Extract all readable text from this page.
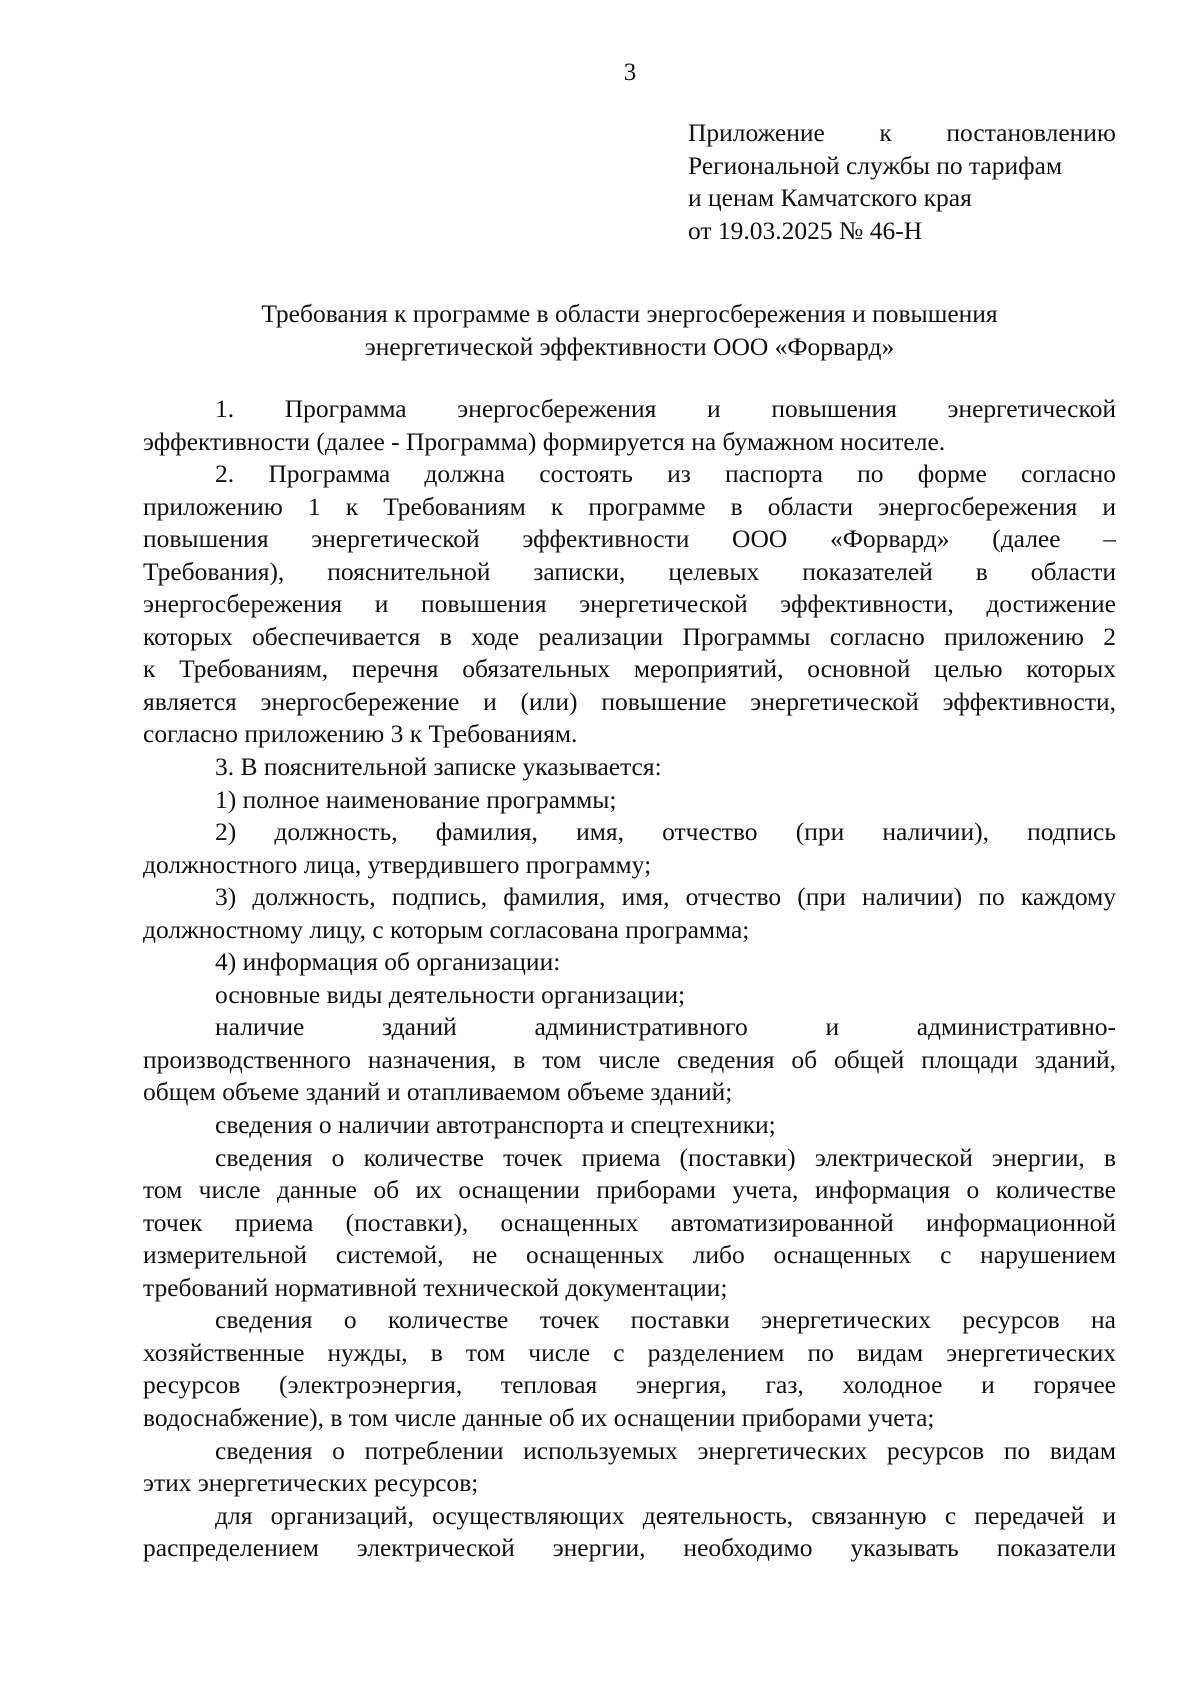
3
Приложение к постановлению
Региональной службы по тарифам
и ценам Камчатского края
от 19.03.2025 № 46-Н
Требования к программе в области энергосбережения и повышения
энергетической эффективности ООО «Форвард»
1. Программа энергосбережения и повышения энергетической
эффективности (далее - Программа) формируется на бумажном носителе.
2. Программа должна состоять из паспорта по форме согласно
приложению 1 к Требованиям к программе в области энергосбережения и
повышения энергетической эффективности ООО «Форвард» (далее –
Требования), пояснительной записки, целевых показателей в области
энергосбережения и повышения энергетической эффективности, достижение
которых обеспечивается в ходе реализации Программы согласно приложению 2
к Требованиям, перечня обязательных мероприятий, основной целью которых
является энергосбережение и (или) повышение энергетической эффективности,
согласно приложению 3 к Требованиям.
3. В пояснительной записке указывается:
1) полное наименование программы;
2) должность, фамилия, имя, отчество (при наличии), подпись
должностного лица, утвердившего программу;
3) должность, подпись, фамилия, имя, отчество (при наличии) по каждому
должностному лицу, с которым согласована программа;
4) информация об организации:
основные виды деятельности организации;
наличие зданий административного и административно-
производственного назначения, в том числе сведения об общей площади зданий,
общем объеме зданий и отапливаемом объеме зданий;
сведения о наличии автотранспорта и спецтехники;
сведения о количестве точек приема (поставки) электрической энергии, в
том числе данные об их оснащении приборами учета, информация о количестве
точек приема (поставки), оснащенных автоматизированной информационной
измерительной системой, не оснащенных либо оснащенных с нарушением
требований нормативной технической документации;
сведения о количестве точек поставки энергетических ресурсов на
хозяйственные нужды, в том числе с разделением по видам энергетических
ресурсов (электроэнергия, тепловая энергия, газ, холодное и горячее
водоснабжение), в том числе данные об их оснащении приборами учета;
сведения о потреблении используемых энергетических ресурсов по видам
этих энергетических ресурсов;
для организаций, осуществляющих деятельность, связанную с передачей и
распределением электрической энергии, необходимо указывать показатели
